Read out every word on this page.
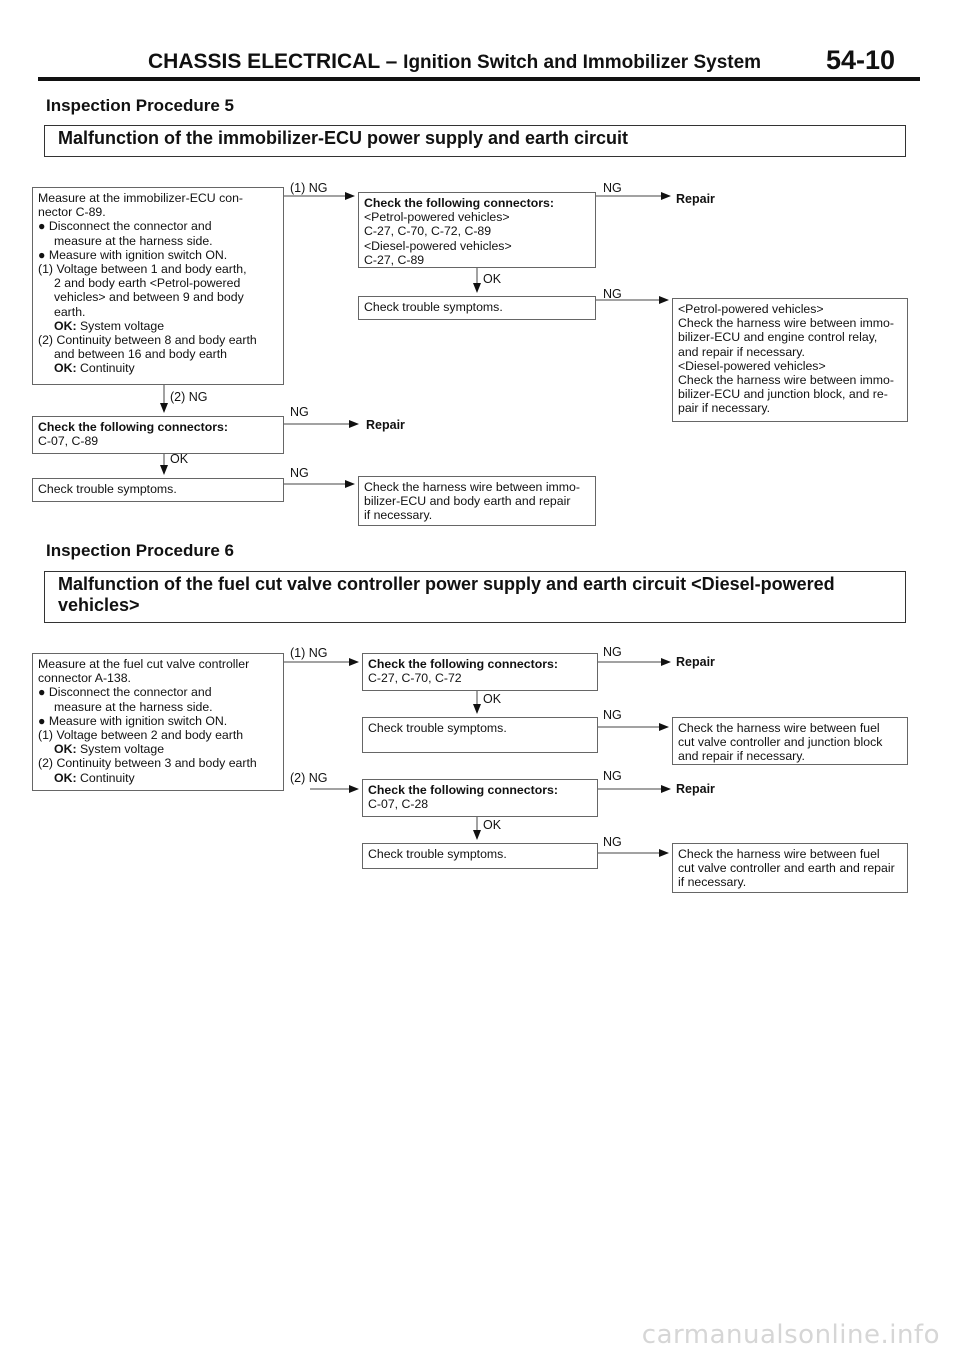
CHASSIS ELECTRICAL – Ignition Switch and Immobilizer System 54-10
Inspection Procedure 5
Malfunction of the immobilizer-ECU power supply and earth circuit
Measure at the immobilizer-ECU con-
nector C-89.
● Disconnect the connector and
measure at the harness side.
● Measure with ignition switch ON.
(1) Voltage between 1 and body earth,
2 and body earth <Petrol-powered
vehicles> and between 9 and body
earth.
OK: System voltage
(2) Continuity between 8 and body earth
and between 16 and body earth
OK: Continuity
Check the following connectors:
<Petrol-powered vehicles>
C-27, C-70, C-72, C-89
<Diesel-powered vehicles>
C-27, C-89
Check trouble symptoms.	<Petrol-powered vehicles>
Check the harness wire between immo-
bilizer-ECU and engine control relay,
and repair if necessary.
<Diesel-powered vehicles>
Check the harness wire between immo-
bilizer-ECU and junction block, and re-
pair if necessary.
Check the following connectors:
C-07, C-89
Check trouble symptoms.	Check the harness wire between immo-
bilizer-ECU and body earth and repair
if necessary.
(1) NG	NG
Repair
OK
NG
(2) NG
NG
Repair
OK
NG
Inspection Procedure 6
Malfunction of the fuel cut valve controller power supply and earth circuit <Diesel-powered
vehicles>
Measure at the fuel cut valve controller
connector A-138.
● Disconnect the connector and
measure at the harness side.
● Measure with ignition switch ON.
(1) Voltage between 2 and body earth
OK: System voltage
(2) Continuity between 3 and body earth
OK: Continuity
Check the following connectors:
C-27, C-70, C-72
Check trouble symptoms.	Check the harness wire between fuel
cut valve controller and junction block
and repair if necessary.
Check the following connectors:
C-07, C-28
Check trouble symptoms.	Check the harness wire between fuel
cut valve controller and earth and repair
if necessary.
(1) NG	NG
Repair
OK
NG
(2) NG	NG
Repair
OK
NG
carmanualsonline.info
